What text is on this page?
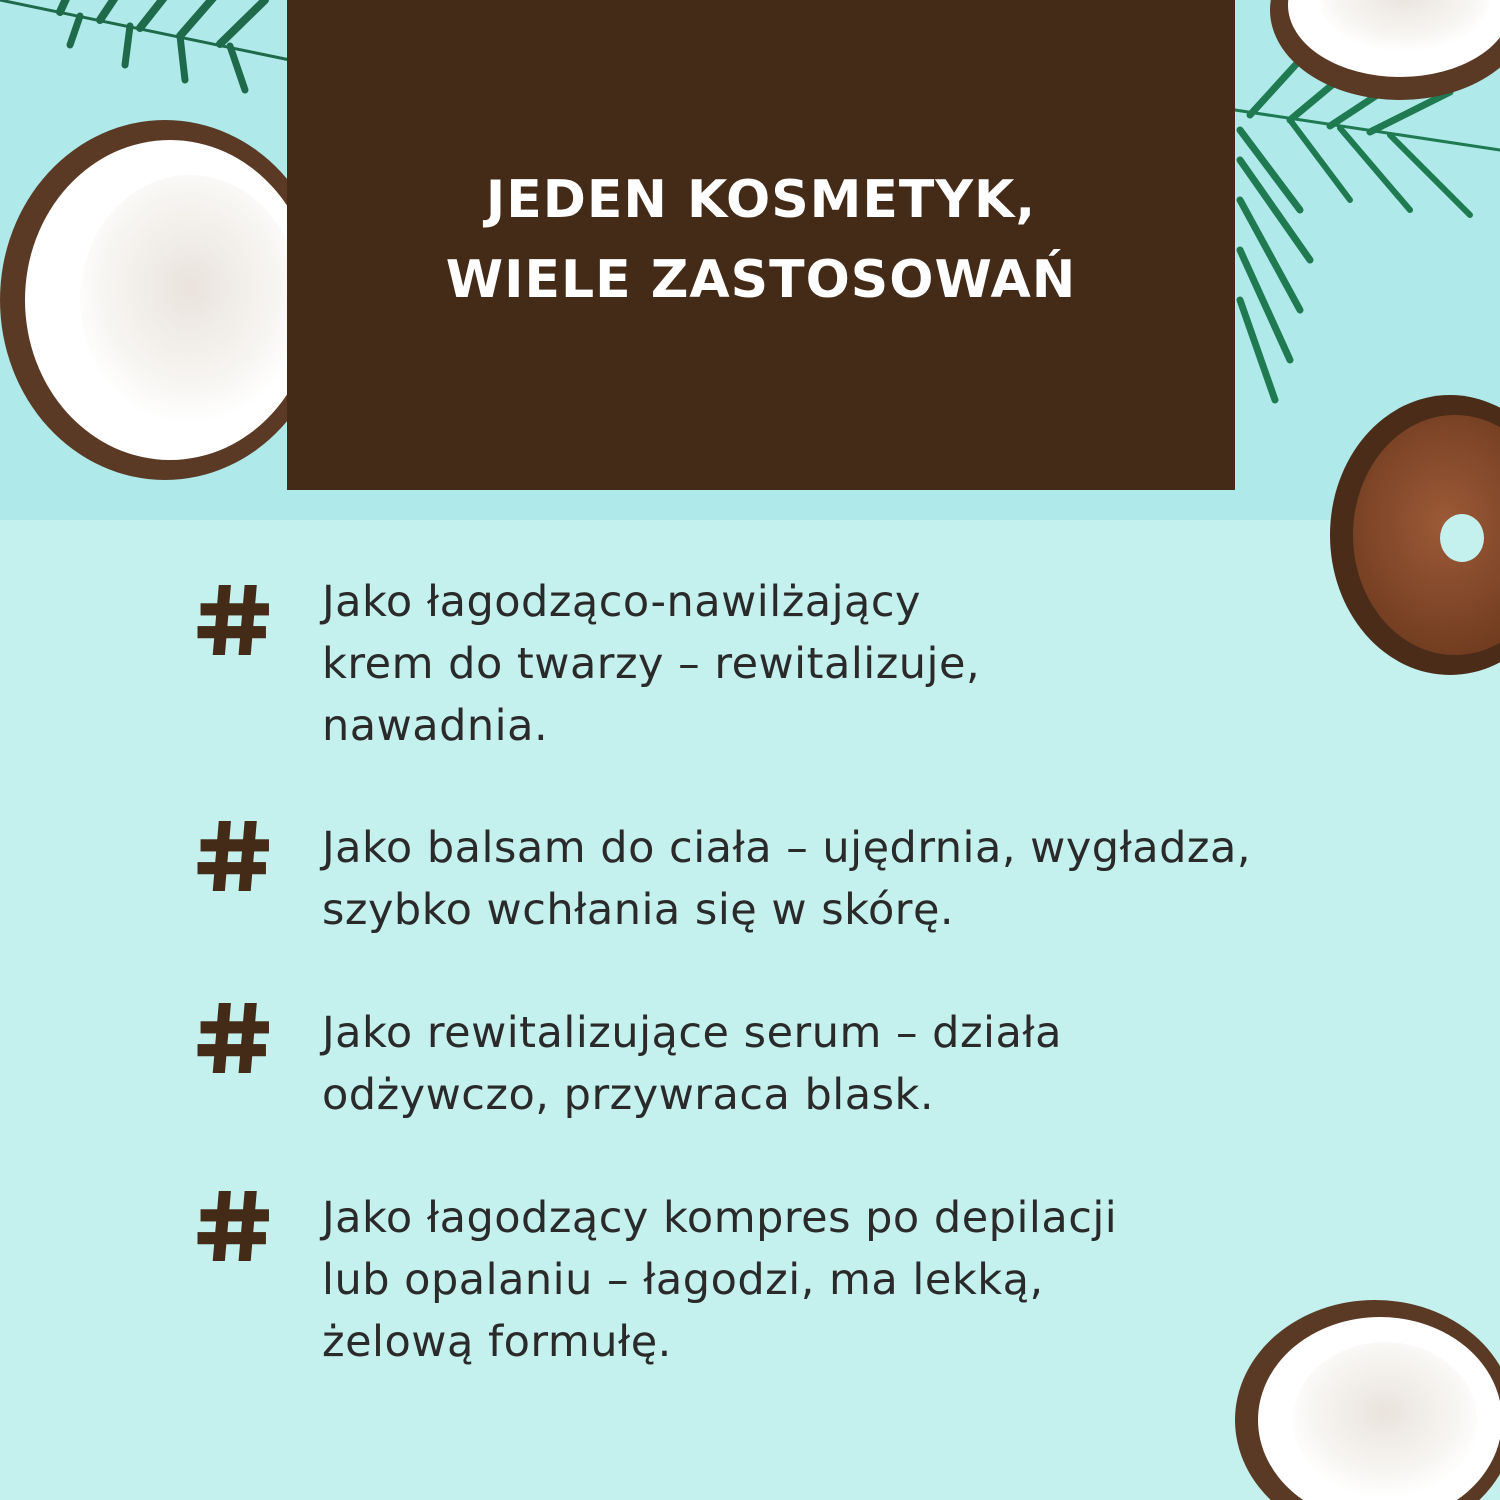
JEDEN KOSMETYK,
WIELE ZASTOSOWAŃ
Jako łagodząco-nawilżający
krem do twarzy – rewitalizuje,
nawadnia.
Jako balsam do ciała – ujędrnia, wygładza,
szybko wchłania się w skórę.
Jako rewitalizujące serum – działa
odżywczo, przywraca blask.
Jako łagodzący kompres po depilacji
lub opalaniu – łagodzi, ma lekką,
żelową formułę.
